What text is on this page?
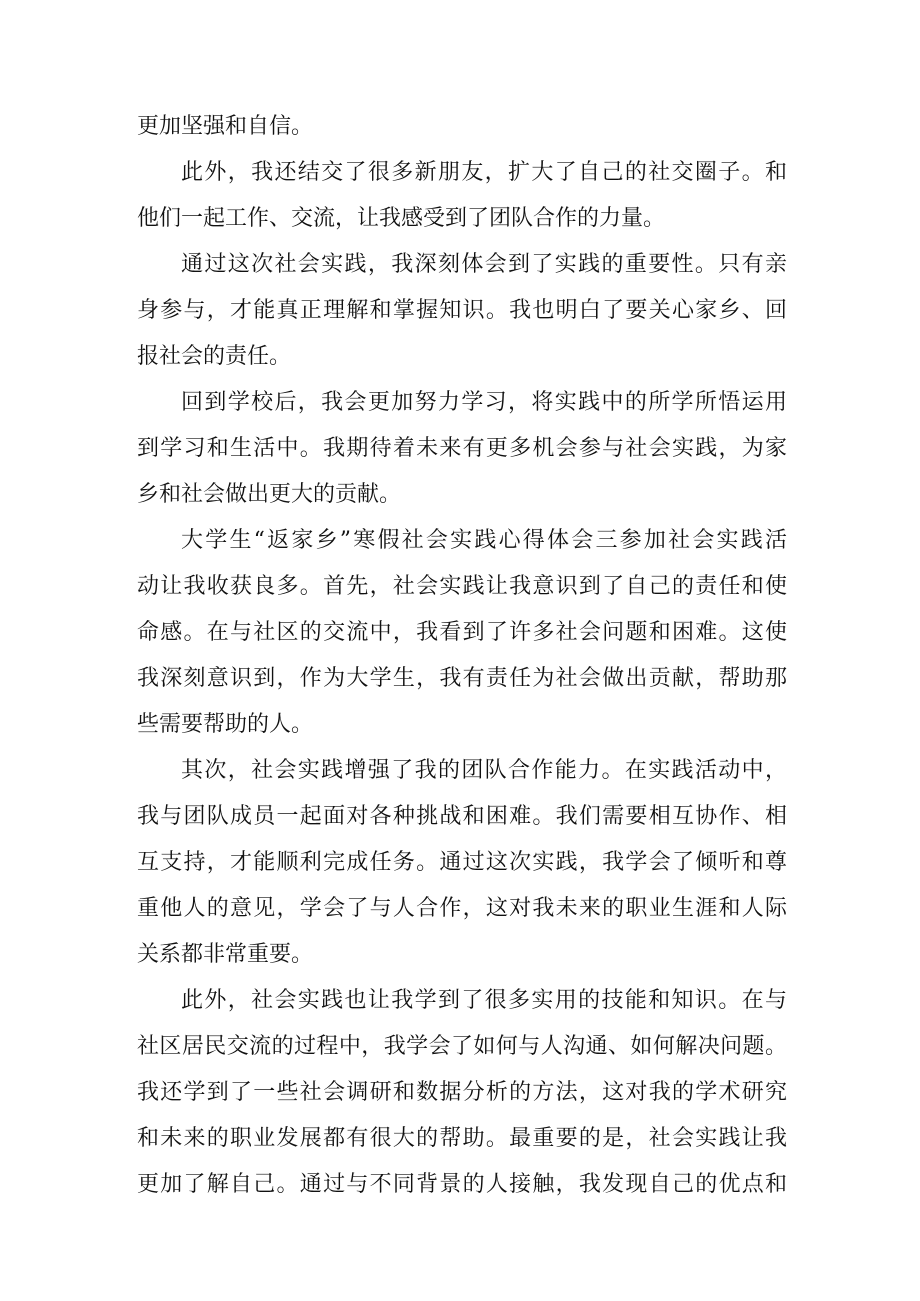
更加坚强和自信。
此外，我还结交了很多新朋友，扩大了自己的社交圈子。和
他们一起工作、交流，让我感受到了团队合作的力量。
通过这次社会实践，我深刻体会到了实践的重要性。只有亲
身参与，才能真正理解和掌握知识。我也明白了要关心家乡、回
报社会的责任。
回到学校后，我会更加努力学习，将实践中的所学所悟运用
到学习和生活中。我期待着未来有更多机会参与社会实践，为家
乡和社会做出更大的贡献。
大学生“返家乡”寒假社会实践心得体会三参加社会实践活
动让我收获良多。首先，社会实践让我意识到了自己的责任和使
命感。在与社区的交流中，我看到了许多社会问题和困难。这使
我深刻意识到，作为大学生，我有责任为社会做出贡献，帮助那
些需要帮助的人。
其次，社会实践增强了我的团队合作能力。在实践活动中，
我与团队成员一起面对各种挑战和困难。我们需要相互协作、相
互支持，才能顺利完成任务。通过这次实践，我学会了倾听和尊
重他人的意见，学会了与人合作，这对我未来的职业生涯和人际
关系都非常重要。
此外，社会实践也让我学到了很多实用的技能和知识。在与
社区居民交流的过程中，我学会了如何与人沟通、如何解决问题。
我还学到了一些社会调研和数据分析的方法，这对我的学术研究
和未来的职业发展都有很大的帮助。最重要的是，社会实践让我
更加了解自己。通过与不同背景的人接触，我发现自己的优点和
